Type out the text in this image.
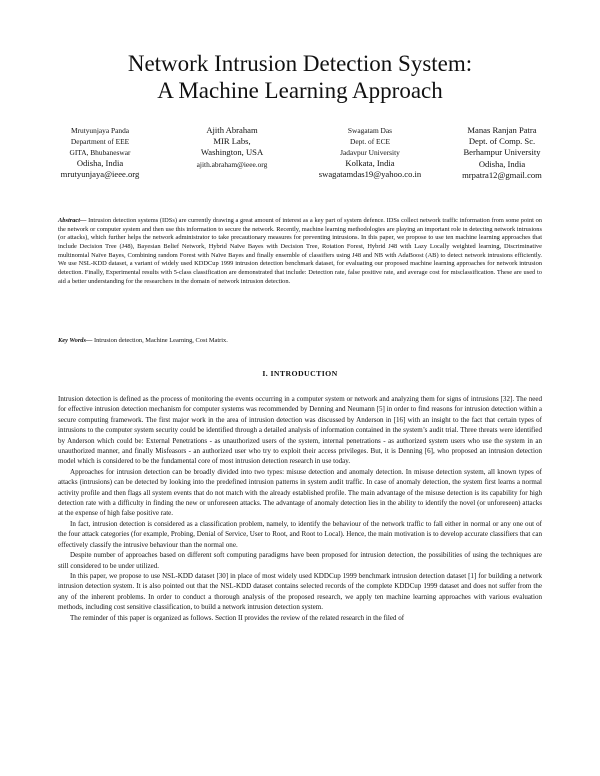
Network Intrusion Detection System:
A Machine Learning Approach
Mrutyunjaya Panda
Department of EEE
GITA, Bhubaneswar
Odisha, India
mrutyunjaya@ieee.org
Ajith Abraham
MIR Labs,
Washington, USA
ajith.abraham@ieee.org
Swagatam Das
Dept. of ECE
Jadavpur University
Kolkata, India
swagatamdas19@yahoo.co.in
Manas Ranjan Patra
Dept. of Comp. Sc.
Berhampur University
Odisha, India
mrpatra12@gmail.com
Abstract— Intrusion detection systems (IDSs) are currently drawing a great amount of interest as a key part of system defence. IDSs collect network traffic information from some point on the network or computer system and then use this information to secure the network. Recently, machine learning methodologies are playing an important role in detecting network intrusions (or attacks), which further helps the network administrator to take precautionary measures for preventing intrusions. In this paper, we propose to use ten machine learning approaches that include Decision Tree (J48), Bayesian Belief Network, Hybrid Naïve Bayes with Decision Tree, Rotation Forest, Hybrid J48 with Lazy Locally weighted learning, Discriminative multinomial Naïve Bayes, Combining random Forest with Naïve Bayes and finally ensemble of classifiers using J48 and NB with AdaBoost (AB) to detect network intrusions efficiently. We use NSL-KDD dataset, a variant of widely used KDDCup 1999 intrusion detection benchmark dataset, for evaluating our proposed machine learning approaches for network intrusion detection. Finally, Experimental results with 5-class classification are demonstrated that include: Detection rate, false positive rate, and average cost for misclassification. These are used to aid a better understanding for the researchers in the domain of network intrusion detection.
Key Words— Intrusion detection, Machine Learning, Cost Matrix.
I. INTRODUCTION

Intrusion detection is defined as the process of monitoring the events occurring in a computer system or network and analyzing them for signs of intrusions [32]. The need for effective intrusion detection mechanism for computer systems was recommended by Denning and Neumann [5] in order to find reasons for intrusion detection within a secure computing framework. The first major work in the area of intrusion detection was discussed by Anderson in [16] with an insight to the fact that certain types of intrusions to the computer system security could be identified through a detailed analysis of information contained in the system’s audit trial. Three threats were identified by Anderson which could be: External Penetrations - as unauthorized users of the system, internal penetrations - as authorized system users who use the system in an unauthorized manner, and finally Misfeasors - an authorized user who try to exploit their access privileges. But, it is Denning [6], who proposed an intrusion detection model which is considered to be the fundamental core of most intrusion detection research in use today.

Approaches for intrusion detection can be broadly divided into two types: misuse detection and anomaly detection. In misuse detection system, all known types of attacks (intrusions) can be detected by looking into the predefined intrusion patterns in system audit traffic. In case of anomaly detection, the system first learns a normal activity profile and then flags all system events that do not match with the already established profile. The main advantage of the misuse detection is its capability for high detection rate with a difficulty in finding the new or unforeseen attacks. The advantage of anomaly detection lies in the ability to identify the novel (or unforeseen) attacks at the expense of high false positive rate.

In fact, intrusion detection is considered as a classification problem, namely, to identify the behaviour of the network traffic to fall either in normal or any one out of the four attack categories (for example, Probing, Denial of Service, User to Root, and Root to Local). Hence, the main motivation is to develop accurate classifiers that can effectively classify the intrusive behaviour than the normal one.

Despite number of approaches based on different soft computing paradigms have been proposed for intrusion detection, the possibilities of using the techniques are still considered to be under utilized.

In this paper, we propose to use NSL-KDD dataset [30] in place of most widely used KDDCup 1999 benchmark intrusion detection dataset [1] for building a network intrusion detection system. It is also pointed out that the NSL-KDD dataset contains selected records of the complete KDDCup 1999 dataset and does not suffer from the any of the inherent problems. In order to conduct a thorough analysis of the proposed research, we apply ten machine learning approaches with various evaluation methods, including cost sensitive classification, to build a network intrusion detection system.

The reminder of this paper is organized as follows. Section II provides the review of the related research in the filed of
